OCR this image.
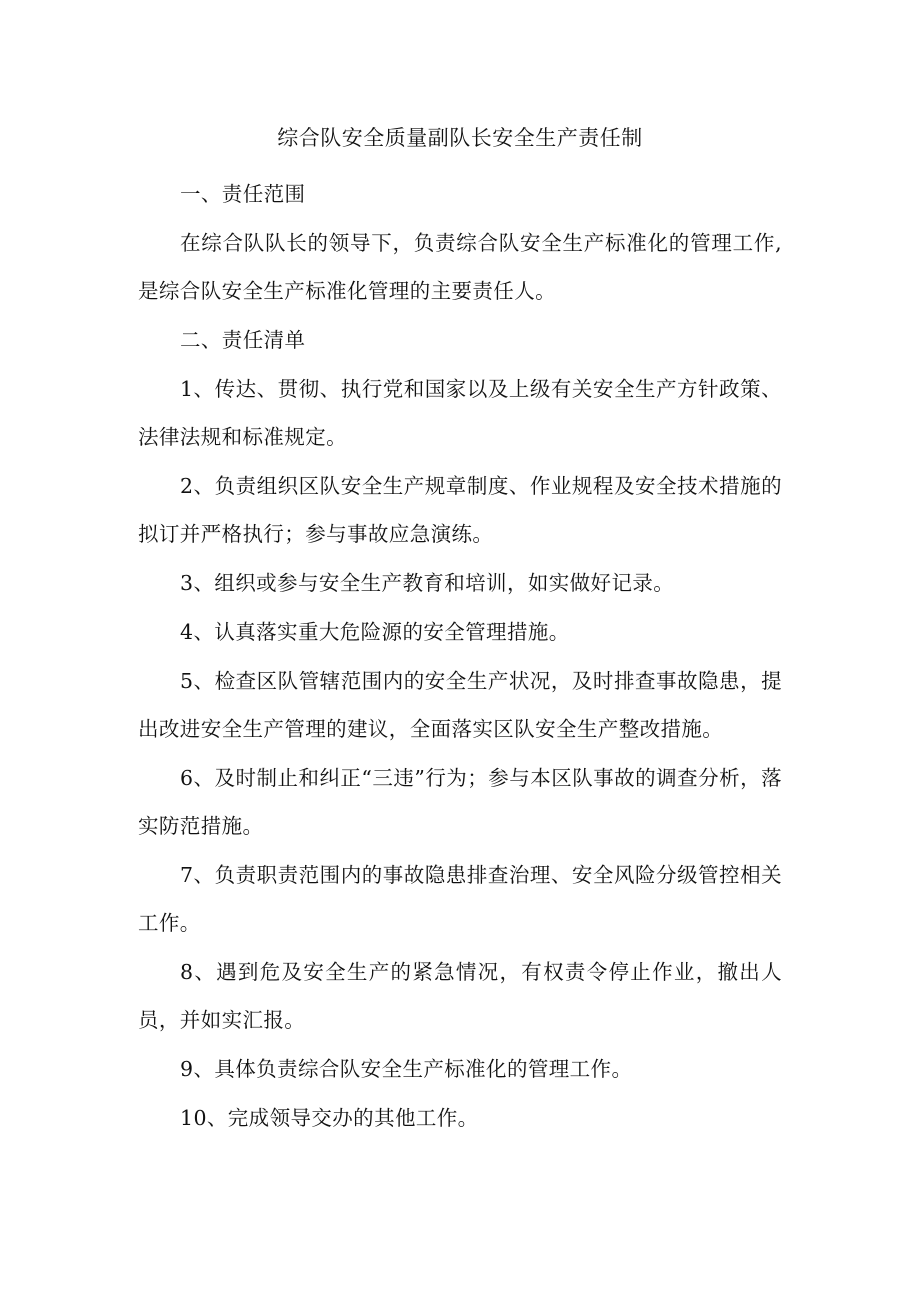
综合队安全质量副队长安全生产责任制

一、责任范围

在综合队队长的领导下，负责综合队安全生产标准化的管理工作,是综合队安全生产标准化管理的主要责任人。

二、责任清单

1、传达、贯彻、执行党和国家以及上级有关安全生产方针政策、法律法规和标准规定。

2、负责组织区队安全生产规章制度、作业规程及安全技术措施的拟订并严格执行；参与事故应急演练。

3、组织或参与安全生产教育和培训，如实做好记录。

4、认真落实重大危险源的安全管理措施。

5、检查区队管辖范围内的安全生产状况，及时排查事故隐患，提出改进安全生产管理的建议，全面落实区队安全生产整改措施。

6、及时制止和纠正“三违”行为；参与本区队事故的调查分析，落实防范措施。

7、负责职责范围内的事故隐患排查治理、安全风险分级管控相关工作。

8、遇到危及安全生产的紧急情况，有权责令停止作业，撤出人员，并如实汇报。

9、具体负责综合队安全生产标准化的管理工作。

10、完成领导交办的其他工作。
